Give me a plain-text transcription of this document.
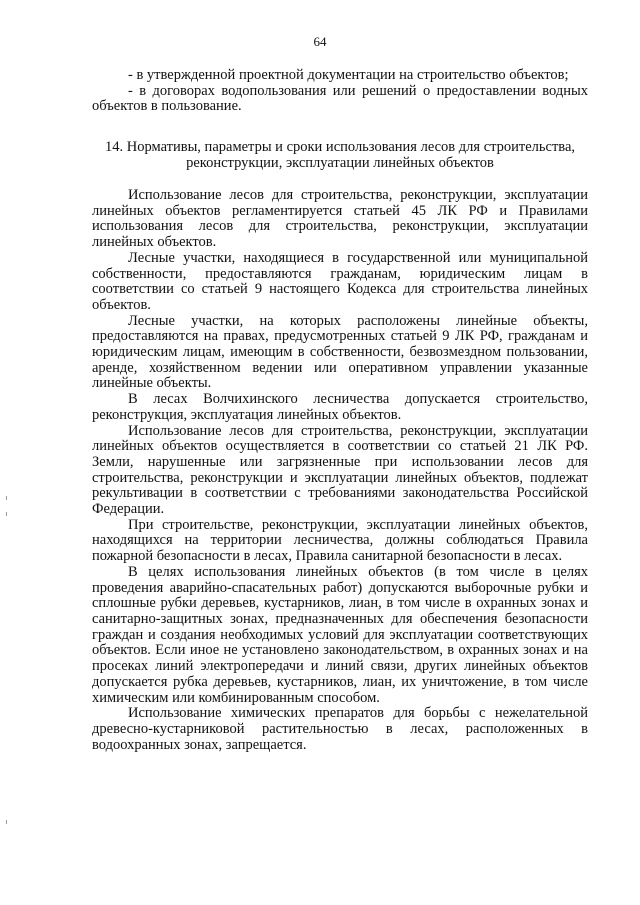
64

- в утвержденной проектной документации на строительство объектов;

- в договорах водопользования или решений о предоставлении водных объектов в пользование.

14. Нормативы, параметры и сроки использования лесов для строительства, реконструкции, эксплуатации линейных объектов

Использование лесов для строительства, реконструкции, эксплуатации линейных объектов регламентируется статьей 45 ЛК РФ и Правилами использования лесов для строительства, реконструкции, эксплуатации линейных объектов.

Лесные участки, находящиеся в государственной или муниципальной собственности, предоставляются гражданам, юридическим лицам в соответствии со статьей 9 настоящего Кодекса для строительства линейных объектов.

Лесные участки, на которых расположены линейные объекты, предоставляются на правах, предусмотренных статьей 9 ЛК РФ, гражданам и юридическим лицам, имеющим в собственности, безвозмездном пользовании, аренде, хозяйственном ведении или оперативном управлении указанные линейные объекты.

В лесах Волчихинского лесничества допускается строительство, реконструкция, эксплуатация линейных объектов.

Использование лесов для строительства, реконструкции, эксплуатации линейных объектов осуществляется в соответствии со статьей 21 ЛК РФ. Земли, нарушенные или загрязненные при использовании лесов для строительства, реконструкции и эксплуатации линейных объектов, подлежат рекультивации в соответствии с требованиями законодательства Российской Федерации.

При строительстве, реконструкции, эксплуатации линейных объектов, находящихся на территории лесничества, должны соблюдаться Правила пожарной безопасности в лесах, Правила санитарной безопасности в лесах.

В целях использования линейных объектов (в том числе в целях проведения аварийно-спасательных работ) допускаются выборочные рубки и сплошные рубки деревьев, кустарников, лиан, в том числе в охранных зонах и санитарно-защитных зонах, предназначенных для обеспечения безопасности граждан и создания необходимых условий для эксплуатации соответствующих объектов. Если иное не установлено законодательством, в охранных зонах и на просеках линий электропередачи и линий связи, других линейных объектов допускается рубка деревьев, кустарников, лиан, их уничтожение, в том числе химическим или комбинированным способом.

Использование химических препаратов для борьбы с нежелательной древесно-кустарниковой растительностью в лесах, расположенных в водоохранных зонах, запрещается.
